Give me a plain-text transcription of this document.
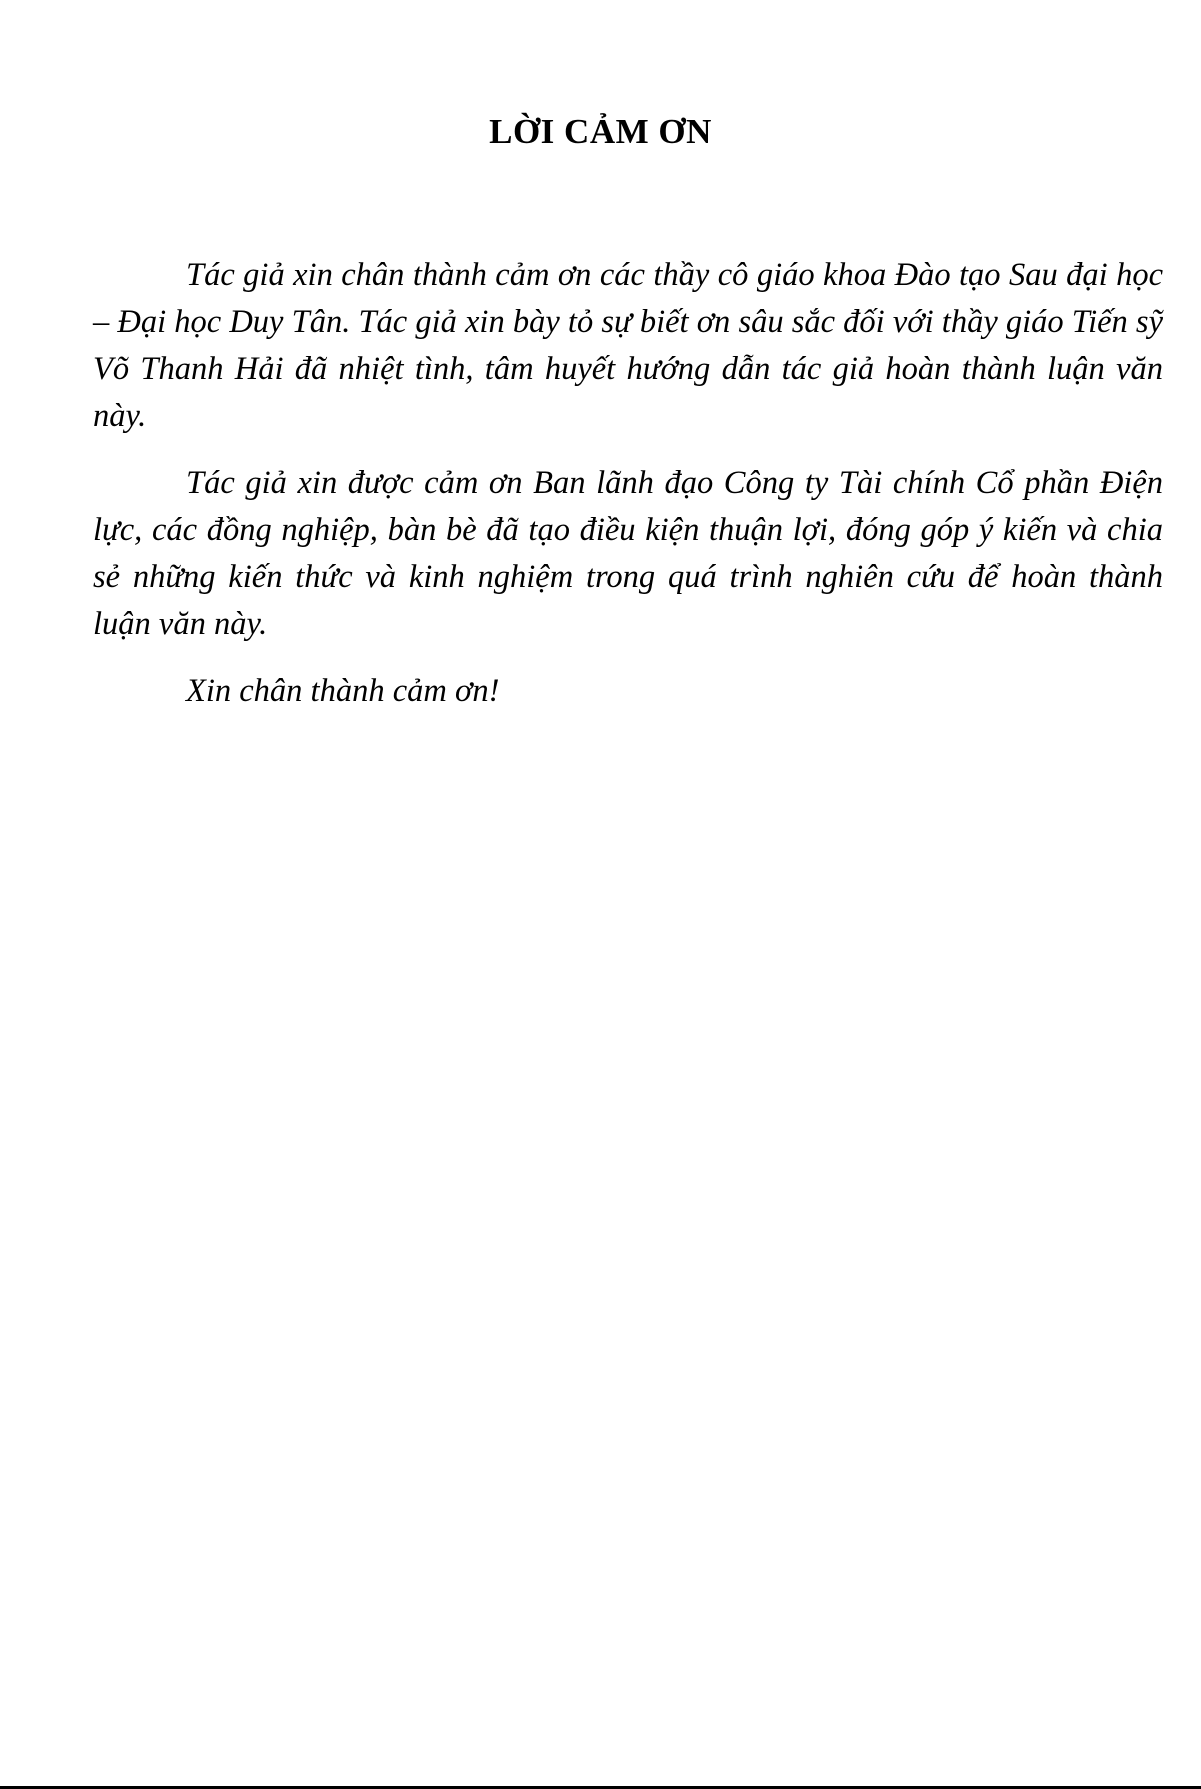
LỜI CẢM ƠN

Tác giả xin chân thành cảm ơn các thầy cô giáo khoa Đào tạo Sau đại học – Đại học Duy Tân. Tác giả xin bày tỏ sự biết ơn sâu sắc đối với thầy giáo Tiến sỹ Võ Thanh Hải đã nhiệt tình, tâm huyết hướng dẫn tác giả hoàn thành luận văn này.

Tác giả xin được cảm ơn Ban lãnh đạo Công ty Tài chính Cổ phần Điện lực, các đồng nghiệp, bàn bè đã tạo điều kiện thuận lợi, đóng góp ý kiến và chia sẻ những kiến thức và kinh nghiệm trong quá trình nghiên cứu để hoàn thành luận văn này.

Xin chân thành cảm ơn!
